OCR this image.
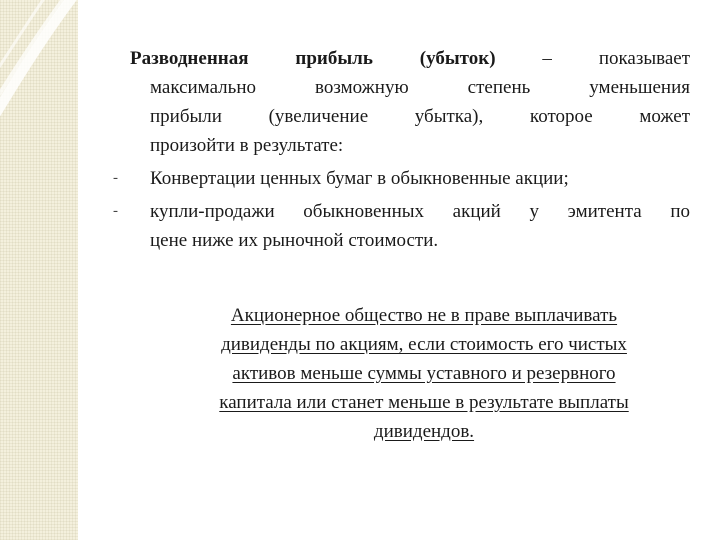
Разводненная прибыль (убыток) – показывает
максимально возможную степень уменьшения
прибыли (увеличение убытка), которое может
произойти в результате:

- Конвертации ценных бумаг в обыкновенные акции;
- купли-продажи обыкновенных акций у эмитента по
цене ниже их рыночной стоимости.
Акционерное общество не в праве выплачивать
дивиденды по акциям, если стоимость его чистых
активов меньше суммы уставного и резервного
капитала или станет меньше в результате выплаты
дивидендов.
